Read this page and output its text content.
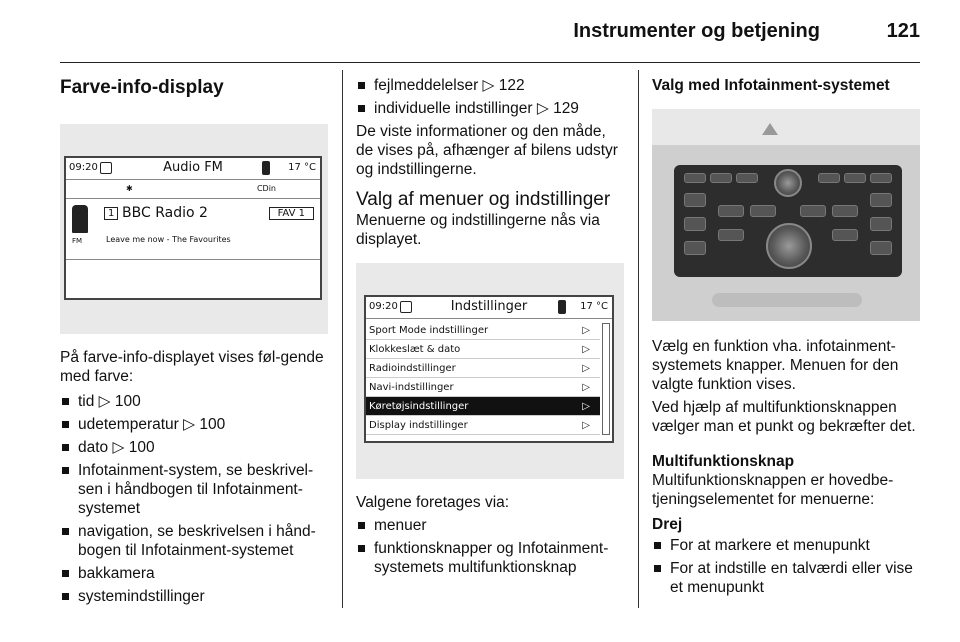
Instrumenter og betjening	121
Farve-info-display
09:20	Audio FM	17 °C
✱	CDin
FM
1 BBC Radio 2	FAV 1
Leave me now - The Favourites

På farve-info-displayet vises føl-gende med farve:

tid ▷ 100
udetemperatur ▷ 100
dato ▷ 100
Infotainment-system, se beskrivel-sen i håndbogen til Infotainment-systemet
navigation, se beskrivelsen i hånd-bogen til Infotainment-systemet
bakkamera
systemindstillinger
fejlmeddelelser ▷ 122
individuelle indstillinger ▷ 129

De viste informationer og den måde, de vises på, afhænger af bilens udstyr og indstillingerne.

Valg af menuer og indstillinger

Menuerne og indstillingerne nås via displayet.

09:20	Indstillinger	17 °C
Sport Mode indstillinger	▷
Klokkeslæt & dato	▷
Radioindstillinger	▷
Navi-indstillinger	▷
Køretøjsindstillinger	▷
Display indstillinger	▷

Valgene foretages via:

menuer
funktionsknapper og Infotainment-systemets multifunktionsknap
Valg med Infotainment-systemet

Vælg en funktion vha. infotainment-systemets knapper. Menuen for den valgte funktion vises.

Ved hjælp af multifunktionsknappen vælger man et punkt og bekræfter det.

Multifunktionsknap

Multifunktionsknappen er hovedbe-tjeningselementet for menuerne:

Drej

For at markere et menupunkt
For at indstille en talværdi eller vise et menupunkt
